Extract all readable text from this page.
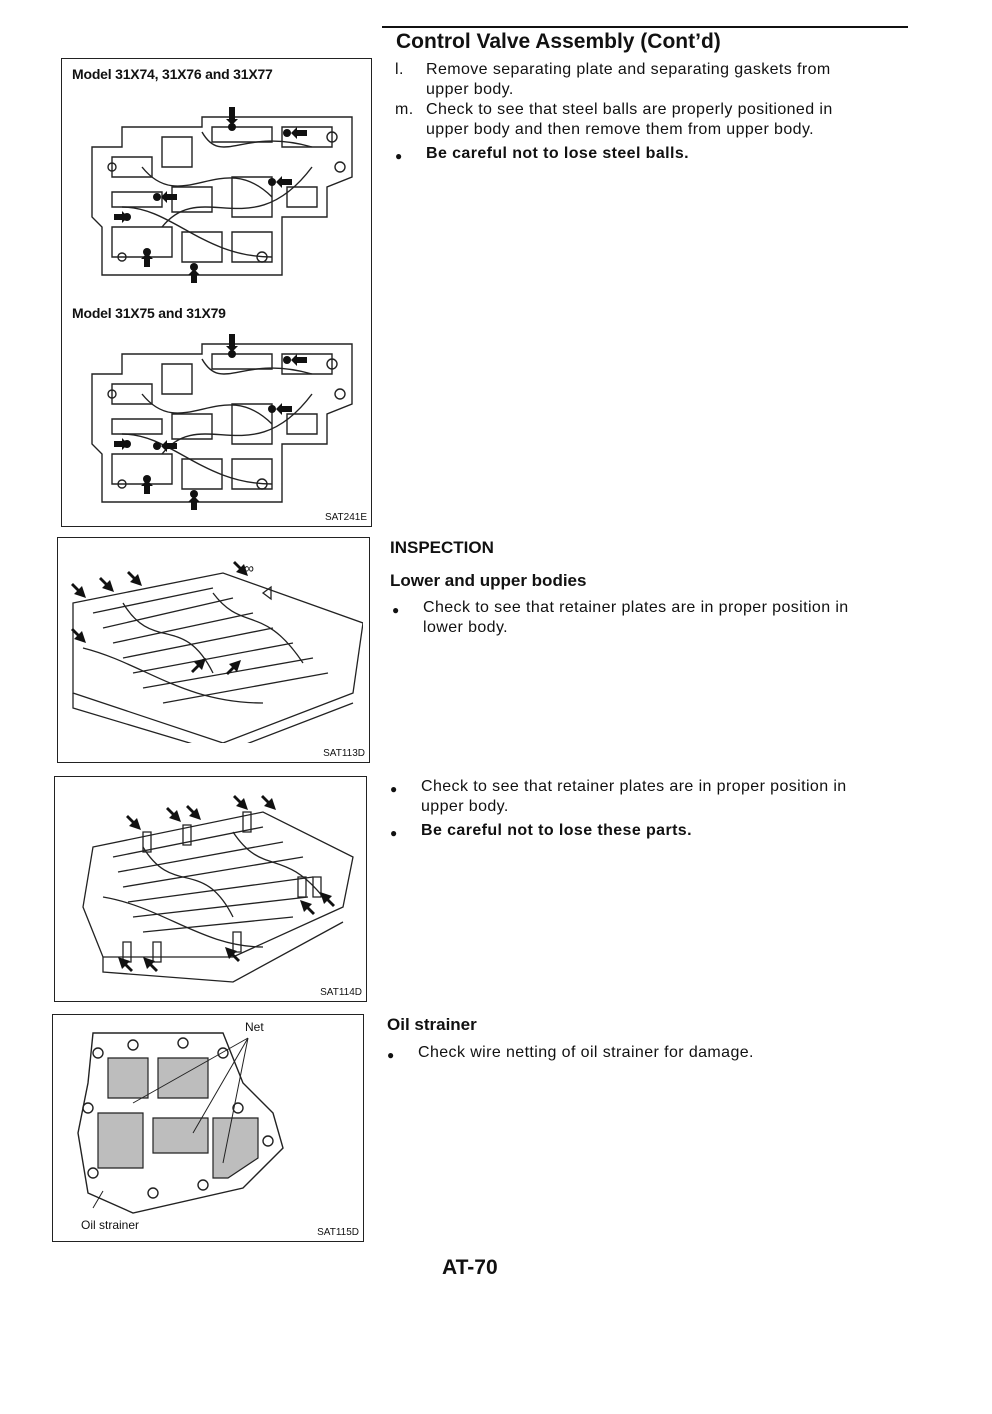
Control Valve Assembly (Cont’d)
l. Remove separating plate and separating gaskets from
upper body.
m. Check to see that steel balls are properly positioned in
upper body and then remove them from upper body.
● Be careful not to lose steel balls.
INSPECTION
Lower and upper bodies
● Check to see that retainer plates are in proper position in
lower body.
● Check to see that retainer plates are in proper position in
upper body.
● Be careful not to lose these parts.
Oil strainer
● Check wire netting of oil strainer for damage.
Model 31X74, 31X76 and 31X77
Model 31X75 and 31X79
SAT241E
∞
SAT113D
SAT114D
Net
Oil strainer
SAT115D
AT-70
